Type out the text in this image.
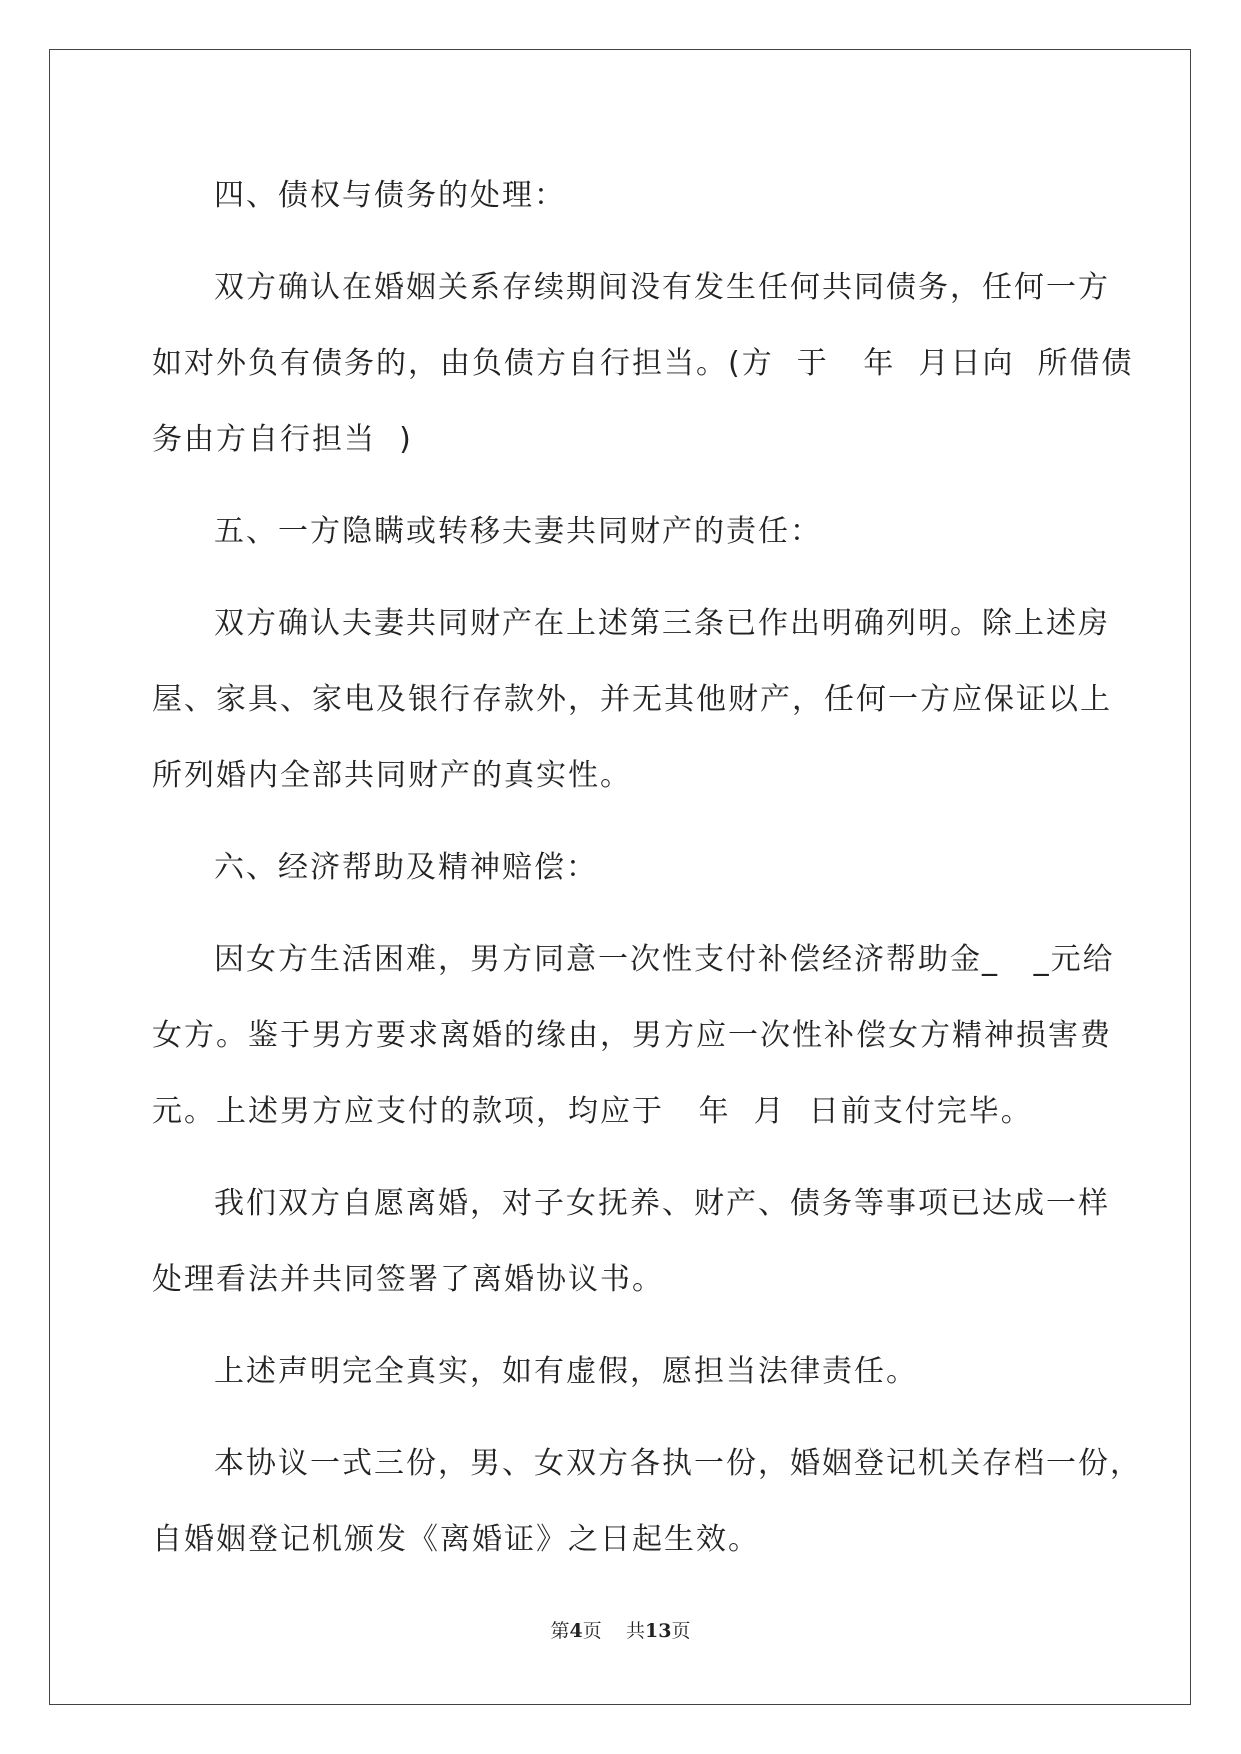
四、债权与债务的处理：
双方确认在婚姻关系存续期间没有发生任何共同债务，任何一方
如对外负有债务的，由负债方自行担当。(方  于   年  月日向  所借债
务由方自行担当  )
五、一方隐瞒或转移夫妻共同财产的责任：
双方确认夫妻共同财产在上述第三条已作出明确列明。除上述房
屋、家具、家电及银行存款外，并无其他财产，任何一方应保证以上
所列婚内全部共同财产的真实性。
六、经济帮助及精神赔偿：
因女方生活困难，男方同意一次性支付补偿经济帮助金_   _元给
女方。鉴于男方要求离婚的缘由，男方应一次性补偿女方精神损害费
元。上述男方应支付的款项，均应于   年  月  日前支付完毕。
我们双方自愿离婚，对子女抚养、财产、债务等事项已达成一样
处理看法并共同签署了离婚协议书。
上述声明完全真实，如有虚假，愿担当法律责任。
本协议一式三份，男、女双方各执一份，婚姻登记机关存档一份，
自婚姻登记机颁发《离婚证》之日起生效。
第4页 共13页
